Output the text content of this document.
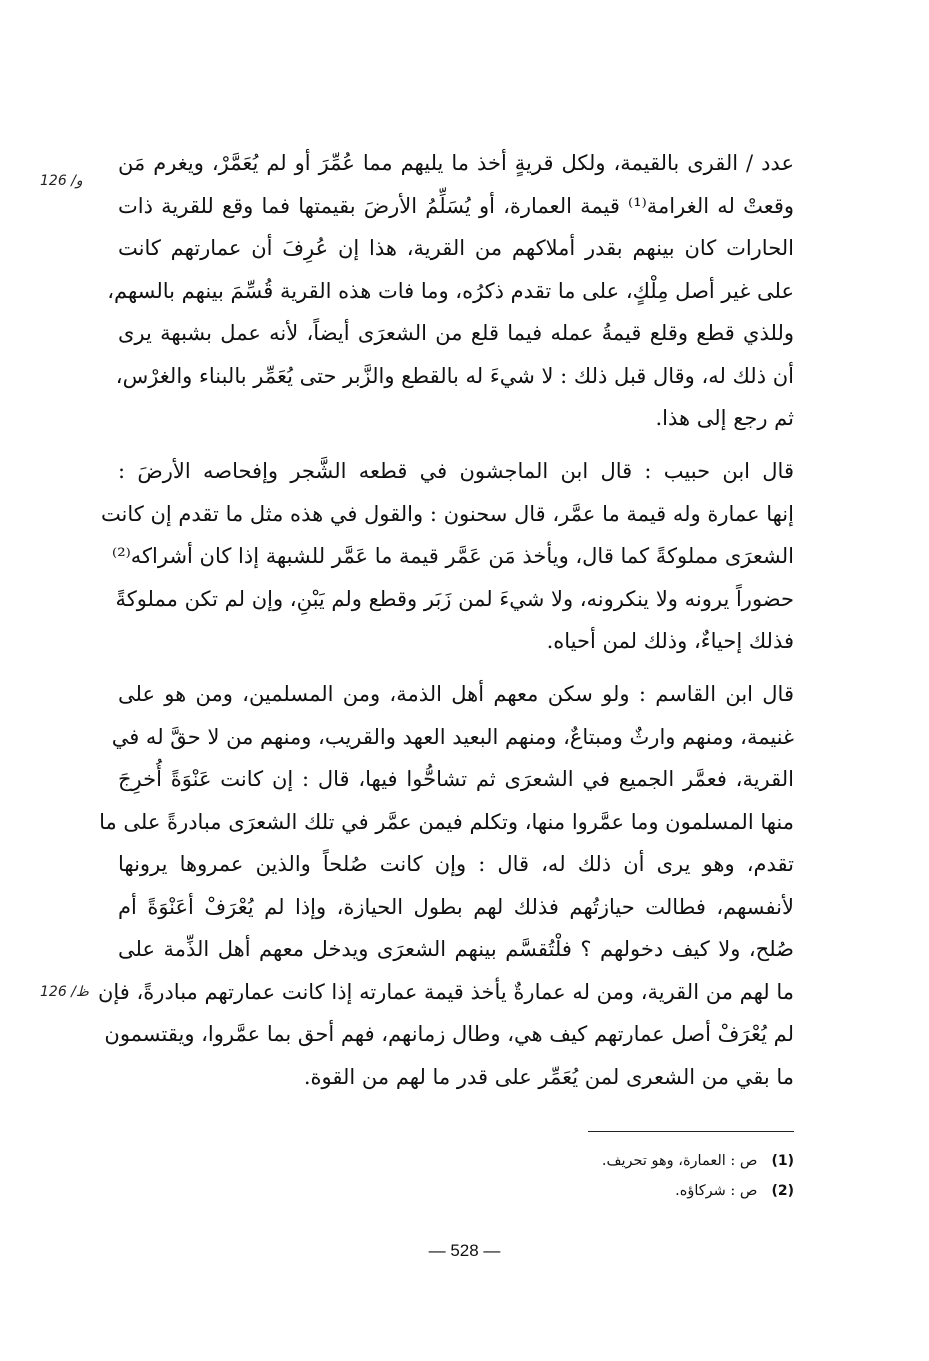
126 /و
126 /ظ
عدد / القرى بالقيمة، ولكل قريةٍ أخذ ما يليهم مما عُمِّرَ أو لم يُعَمَّرْ، ويغرم مَن
وقعتْ له الغرامة⁽¹⁾ قيمة العمارة، أو يُسَلِّمُ الأرضَ بقيمتها فما وقع للقرية ذات
الحارات كان بينهم بقدر أملاكهم من القرية، هذا إن عُرِفَ أن عمارتهم كانت
على غير أصل مِلْكٍ، على ما تقدم ذكرُه، وما فات هذه القرية قُسِّمَ بينهم بالسهم،
وللذي قطع وقلع قيمةُ عمله فيما قلع من الشعرَى أيضاً، لأنه عمل بشبهة يرى
أن ذلك له، وقال قبل ذلك : لا شيءَ له بالقطع والزَّبر حتى يُعَمِّر بالبناء والغرْس،
ثم رجع إلى هذا.
قال ابن حبيب : قال ابن الماجشون في قطعه الشَّجر وإفحاصه الأرضَ :
إنها عمارة وله قيمة ما عمَّر، قال سحنون : والقول في هذه مثل ما تقدم إن كانت
الشعرَى مملوكةً كما قال، ويأخذ مَن عَمَّر قيمة ما عَمَّر للشبهة إذا كان أشراكه⁽²⁾
حضوراً يرونه ولا ينكرونه، ولا شيءَ لمن زَبَر وقطع ولم يَبْنِ، وإن لم تكن مملوكةً
فذلك إحياءٌ، وذلك لمن أحياه.
قال ابن القاسم : ولو سكن معهم أهل الذمة، ومن المسلمين، ومن هو على
غنيمة، ومنهم وارثٌ ومبتاعٌ، ومنهم البعيد العهد والقريب، ومنهم من لا حقَّ له في
القرية، فعمَّر الجميع في الشعرَى ثم تشاحُّوا فيها، قال : إن كانت عَنْوَةً أُخرِجَ
منها المسلمون وما عمَّروا منها، وتكلم فيمن عمَّر في تلك الشعرَى مبادرةً على ما
تقدم، وهو يرى أن ذلك له، قال : وإن كانت صُلحاً والذين عمروها يرونها
لأنفسهم، فطالت حيازتُهم فذلك لهم بطول الحيازة، وإذا لم يُعْرَفْ أعَنْوَةً أم
صُلح، ولا كيف دخولهم ؟ فلْتُقسَّم بينهم الشعرَى ويدخل معهم أهل الذِّمة على
ما لهم من القرية، ومن له عمارةٌ يأخذ قيمة عمارته إذا كانت عمارتهم مبادرةً، فإن
لم يُعْرَفْ أصل عمارتهم كيف هي، وطال زمانهم، فهم أحق بما عمَّروا، ويقتسمون
ما بقي من الشعرى لمن يُعَمِّر على قدر ما لهم من القوة.
(1)ص : العمارة، وهو تحريف.
(2)ص : شركاؤه.
— 528 —
